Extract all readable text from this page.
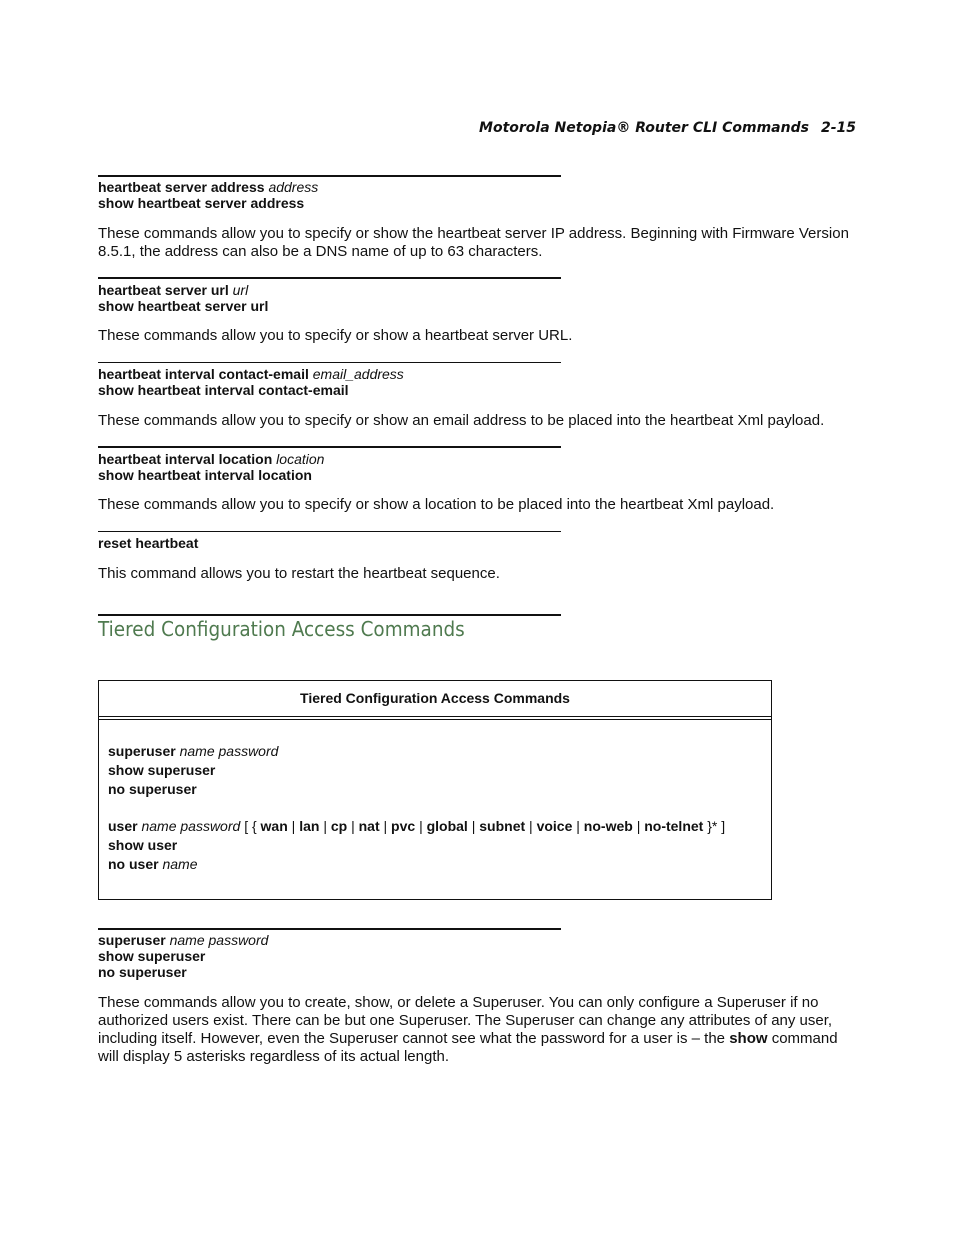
Motorola Netopia® Router CLI Commands 2-15
heartbeat server address address
show heartbeat server address
These commands allow you to specify or show the heartbeat server IP address. Beginning with Firmware Version 8.5.1, the address can also be a DNS name of up to 63 characters.
heartbeat server url url
show heartbeat server url
These commands allow you to specify or show a heartbeat server URL.
heartbeat interval contact-email email_address
show heartbeat interval contact-email
These commands allow you to specify or show an email address to be placed into the heartbeat Xml payload.
heartbeat interval location location
show heartbeat interval location
These commands allow you to specify or show a location to be placed into the heartbeat Xml payload.
reset heartbeat
This command allows you to restart the heartbeat sequence.
Tiered Configuration Access Commands
Tiered Configuration Access Commands
superuser name password
show superuser
no superuser
user name password [ { wan | lan | cp | nat | pvc | global | subnet | voice | no-web | no-telnet }* ]
show user
no user name
superuser name password
show superuser
no superuser
These commands allow you to create, show, or delete a Superuser. You can only configure a Superuser if no authorized users exist. There can be but one Superuser. The Superuser can change any attributes of any user, including itself. However, even the Superuser cannot see what the password for a user is – the show command will display 5 asterisks regardless of its actual length.
